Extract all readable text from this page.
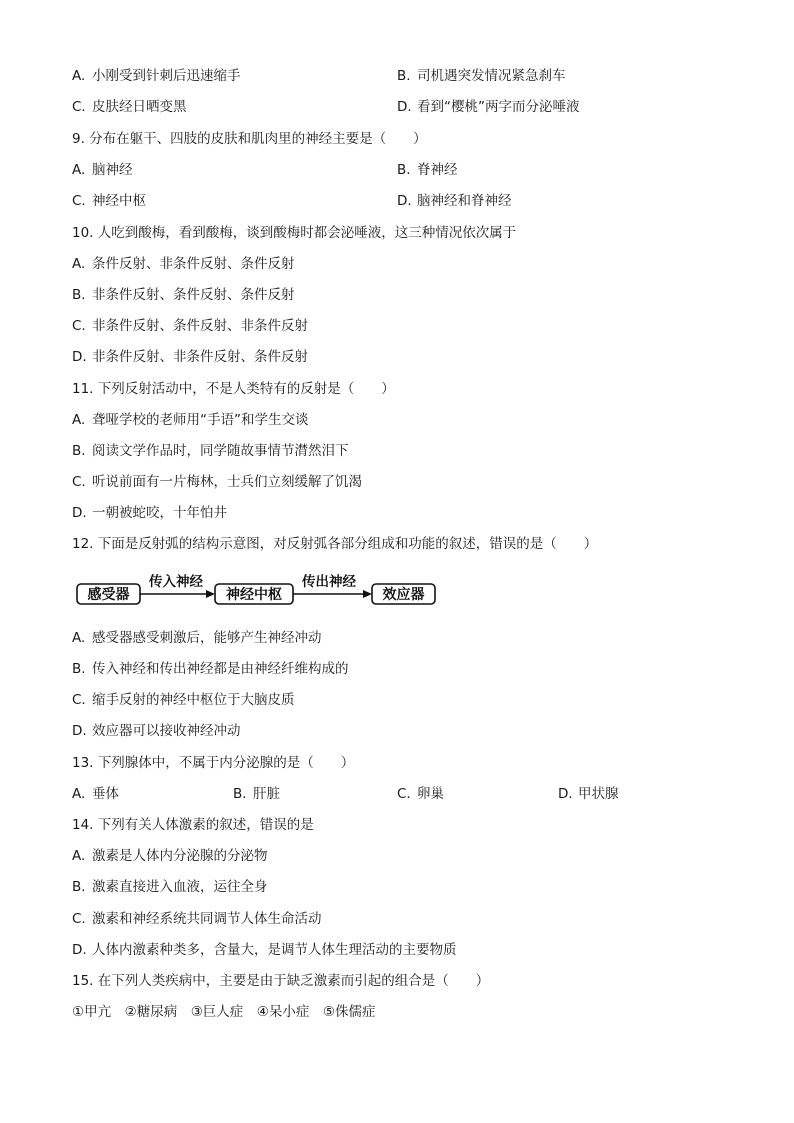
A. 小刚受到针刺后迅速缩手	B. 司机遇突发情况紧急刹车
C. 皮肤经日晒变黑	D. 看到“樱桃”两字而分泌唾液
9. 分布在躯干、四肢的皮肤和肌肉里的神经主要是（　　）
A. 脑神经	B. 脊神经
C. 神经中枢	D. 脑神经和脊神经
10. 人吃到酸梅，看到酸梅，谈到酸梅时都会泌唾液，这三种情况依次属于
A. 条件反射、非条件反射、条件反射
B. 非条件反射、条件反射、条件反射
C. 非条件反射、条件反射、非条件反射
D. 非条件反射、非条件反射、条件反射
11. 下列反射活动中，不是人类特有的反射是（　　）
A. 聋哑学校的老师用“手语”和学生交谈
B. 阅读文学作品时，同学随故事情节潸然泪下
C. 听说前面有一片梅林，士兵们立刻缓解了饥渴
D. 一朝被蛇咬，十年怕井
12. 下面是反射弧的结构示意图，对反射弧各部分组成和功能的叙述，错误的是（　　）
感受器
传入神经
神经中枢
传出神经
效应器
A. 感受器感受刺激后，能够产生神经冲动
B. 传入神经和传出神经都是由神经纤维构成的
C. 缩手反射的神经中枢位于大脑皮质
D. 效应器可以接收神经冲动
13. 下列腺体中，不属于内分泌腺的是（　　）
A. 垂体	B. 肝脏	C. 卵巢	D. 甲状腺
14. 下列有关人体激素的叙述，错误的是
A. 激素是人体内分泌腺的分泌物
B. 激素直接进入血液，运往全身
C. 激素和神经系统共同调节人体生命活动
D. 人体内激素种类多，含量大，是调节人体生理活动的主要物质
15. 在下列人类疾病中，主要是由于缺乏激素而引起的组合是（　　）
①甲亢　②糖尿病　③巨人症　④呆小症　⑤侏儒症
